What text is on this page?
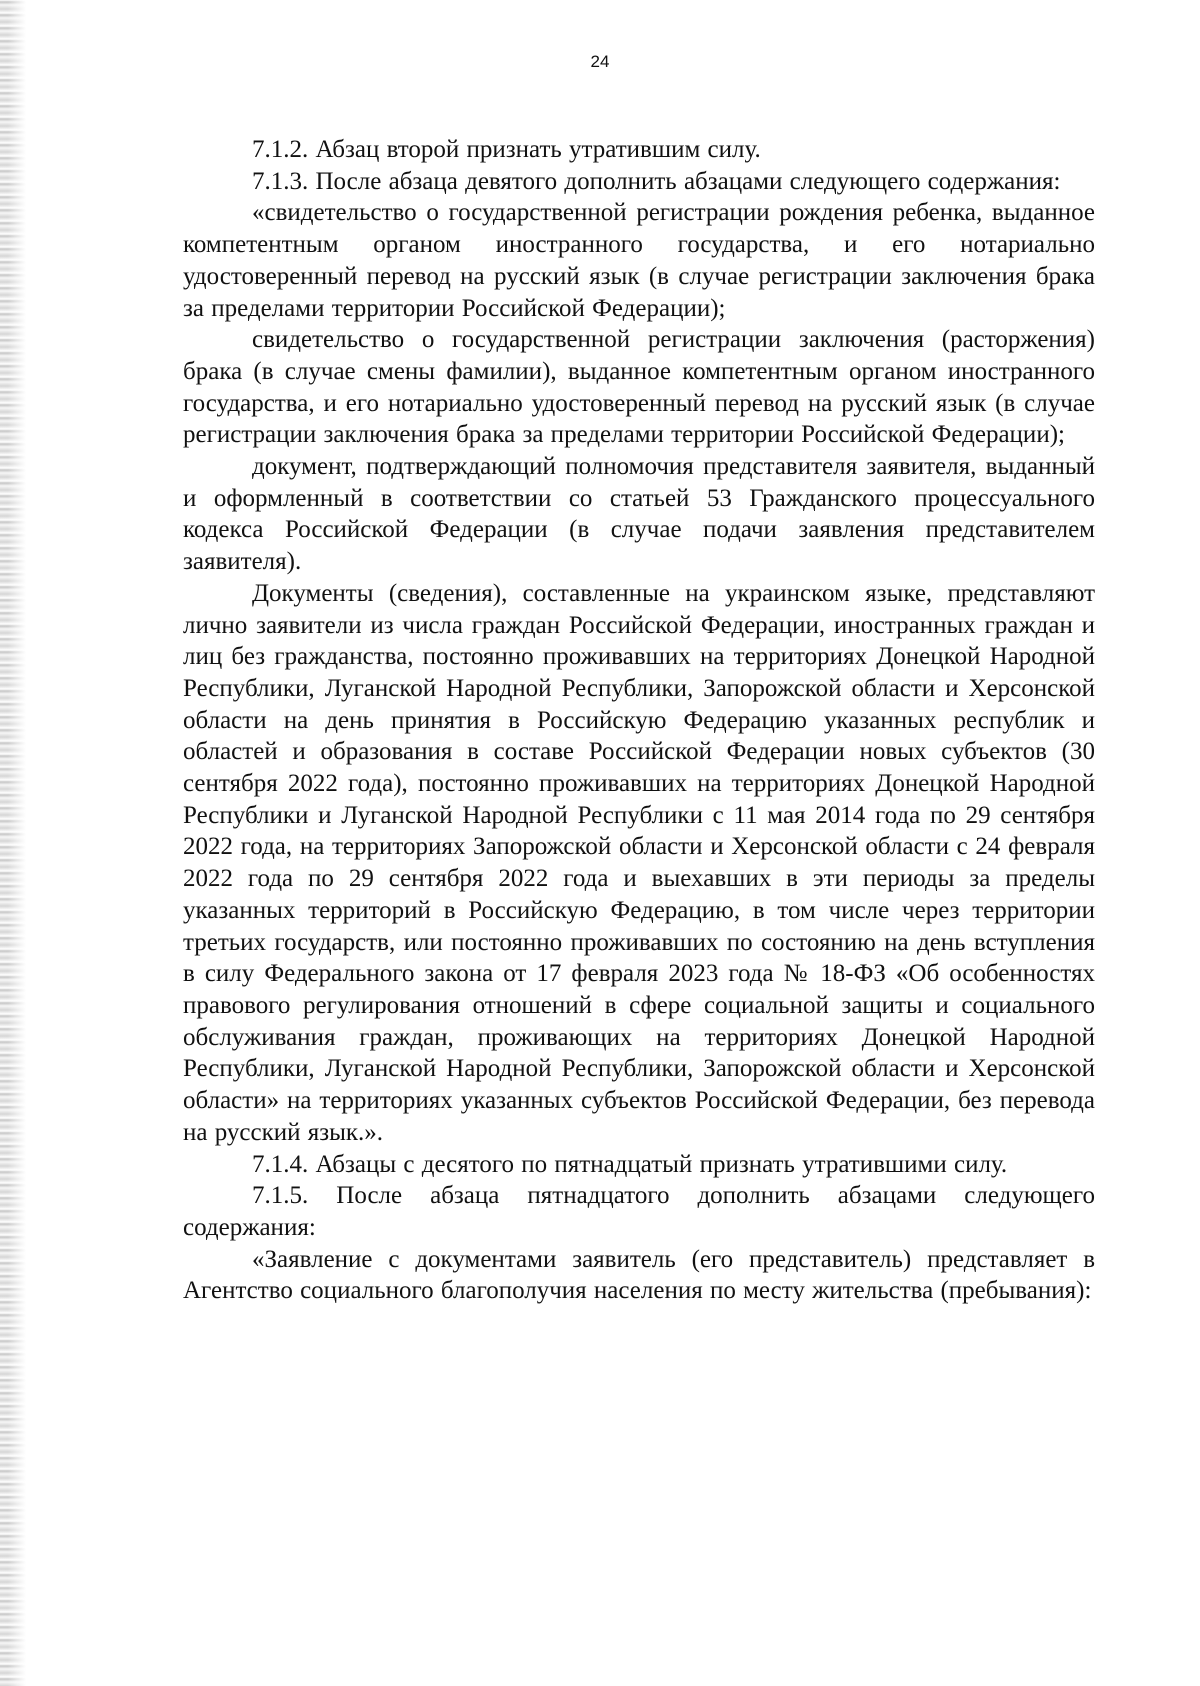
24

7.1.2. Абзац второй признать утратившим силу.

7.1.3. После абзаца девятого дополнить абзацами следующего содержания:

«свидетельство о государственной регистрации рождения ребенка, выданное компетентным органом иностранного государства, и его нотариально удостоверенный перевод на русский язык (в случае регистрации заключения брака за пределами территории Российской Федерации);

свидетельство о государственной регистрации заключения (расторжения) брака (в случае смены фамилии), выданное компетентным органом иностранного государства, и его нотариально удостоверенный перевод на русский язык (в случае регистрации заключения брака за пределами территории Российской Федерации);

документ, подтверждающий полномочия представителя заявителя, выданный и оформленный в соответствии со статьей 53 Гражданского процессуального кодекса Российской Федерации (в случае подачи заявления представителем заявителя).

Документы (сведения), составленные на украинском языке, представляют лично заявители из числа граждан Российской Федерации, иностранных граждан и лиц без гражданства, постоянно проживавших на территориях Донецкой Народной Республики, Луганской Народной Республики, Запорожской области и Херсонской области на день принятия в Российскую Федерацию указанных республик и областей и образования в составе Российской Федерации новых субъектов (30 сентября 2022 года), постоянно проживавших на территориях Донецкой Народной Республики и Луганской Народной Республики с 11 мая 2014 года по 29 сентября 2022 года, на территориях Запорожской области и Херсонской области с 24 февраля 2022 года по 29 сентября 2022 года и выехавших в эти периоды за пределы указанных территорий в Российскую Федерацию, в том числе через территории третьих государств, или постоянно проживавших по состоянию на день вступления в силу Федерального закона от 17 февраля 2023 года № 18-ФЗ «Об особенностях правового регулирования отношений в сфере социальной защиты и социального обслуживания граждан, проживающих на территориях Донецкой Народной Республики, Луганской Народной Республики, Запорожской области и Херсонской области» на территориях указанных субъектов Российской Федерации, без перевода на русский язык.».

7.1.4. Абзацы с десятого по пятнадцатый признать утратившими силу.

7.1.5. После абзаца пятнадцатого дополнить абзацами следующего содержания:

«Заявление с документами заявитель (его представитель) представляет в Агентство социального благополучия населения по месту жительства (пребывания):
